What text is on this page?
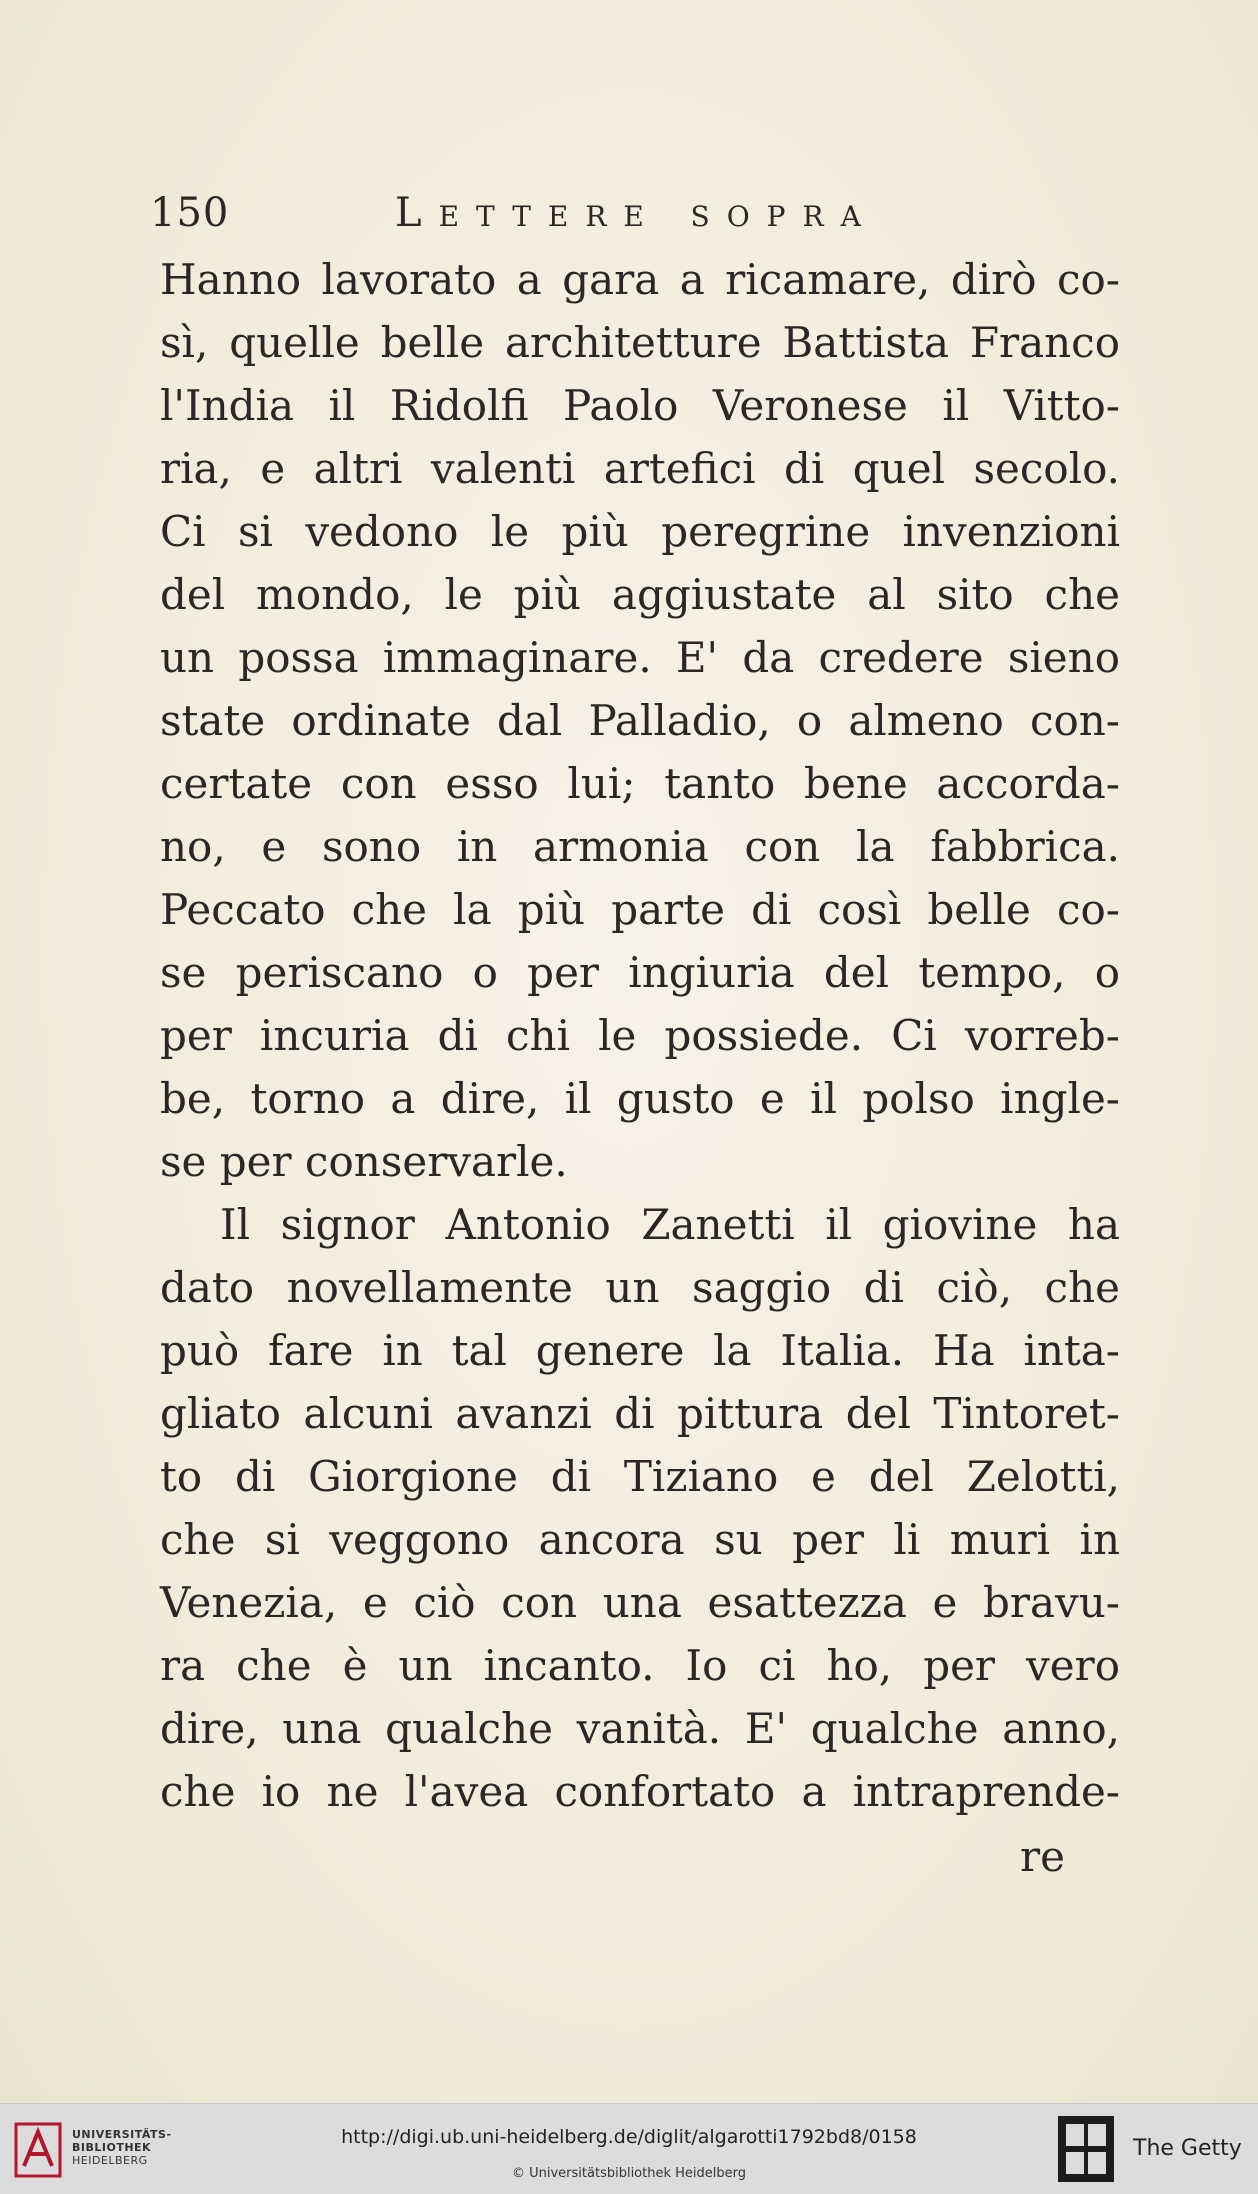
150	Lettere sopra
Hanno lavorato a gara a ricamare, dirò co-
sì, quelle belle architetture Battista Franco
l'India il Ridolfi Paolo Veronese il Vitto-
ria, e altri valenti artefici di quel secolo.
Ci si vedono le più peregrine invenzioni
del mondo, le più aggiustate al sito che
un possa immaginare. E' da credere sieno
state ordinate dal Palladio, o almeno con-
certate con esso lui; tanto bene accorda-
no, e sono in armonia con la fabbrica.
Peccato che la più parte di così belle co-
se periscano o per ingiuria del tempo, o
per incuria di chi le possiede. Ci vorreb-
be, torno a dire, il gusto e il polso ingle-
se per conservarle.
Il signor Antonio Zanetti il giovine ha
dato novellamente un saggio di ciò, che
può fare in tal genere la Italia. Ha inta-
gliato alcuni avanzi di pittura del Tintoret-
to di Giorgione di Tiziano e del Zelotti,
che si veggono ancora su per li muri in
Venezia, e ciò con una esattezza e bravu-
ra che è un incanto. Io ci ho, per vero
dire, una qualche vanità. E' qualche anno,
che io ne l'avea confortato a intraprende-
re
UNIVERSITÄTS-
BIBLIOTHEK
HEIDELBERG
http://digi.ub.uni-heidelberg.de/diglit/algarotti1792bd8/0158
© Universitätsbibliothek Heidelberg
The Getty
